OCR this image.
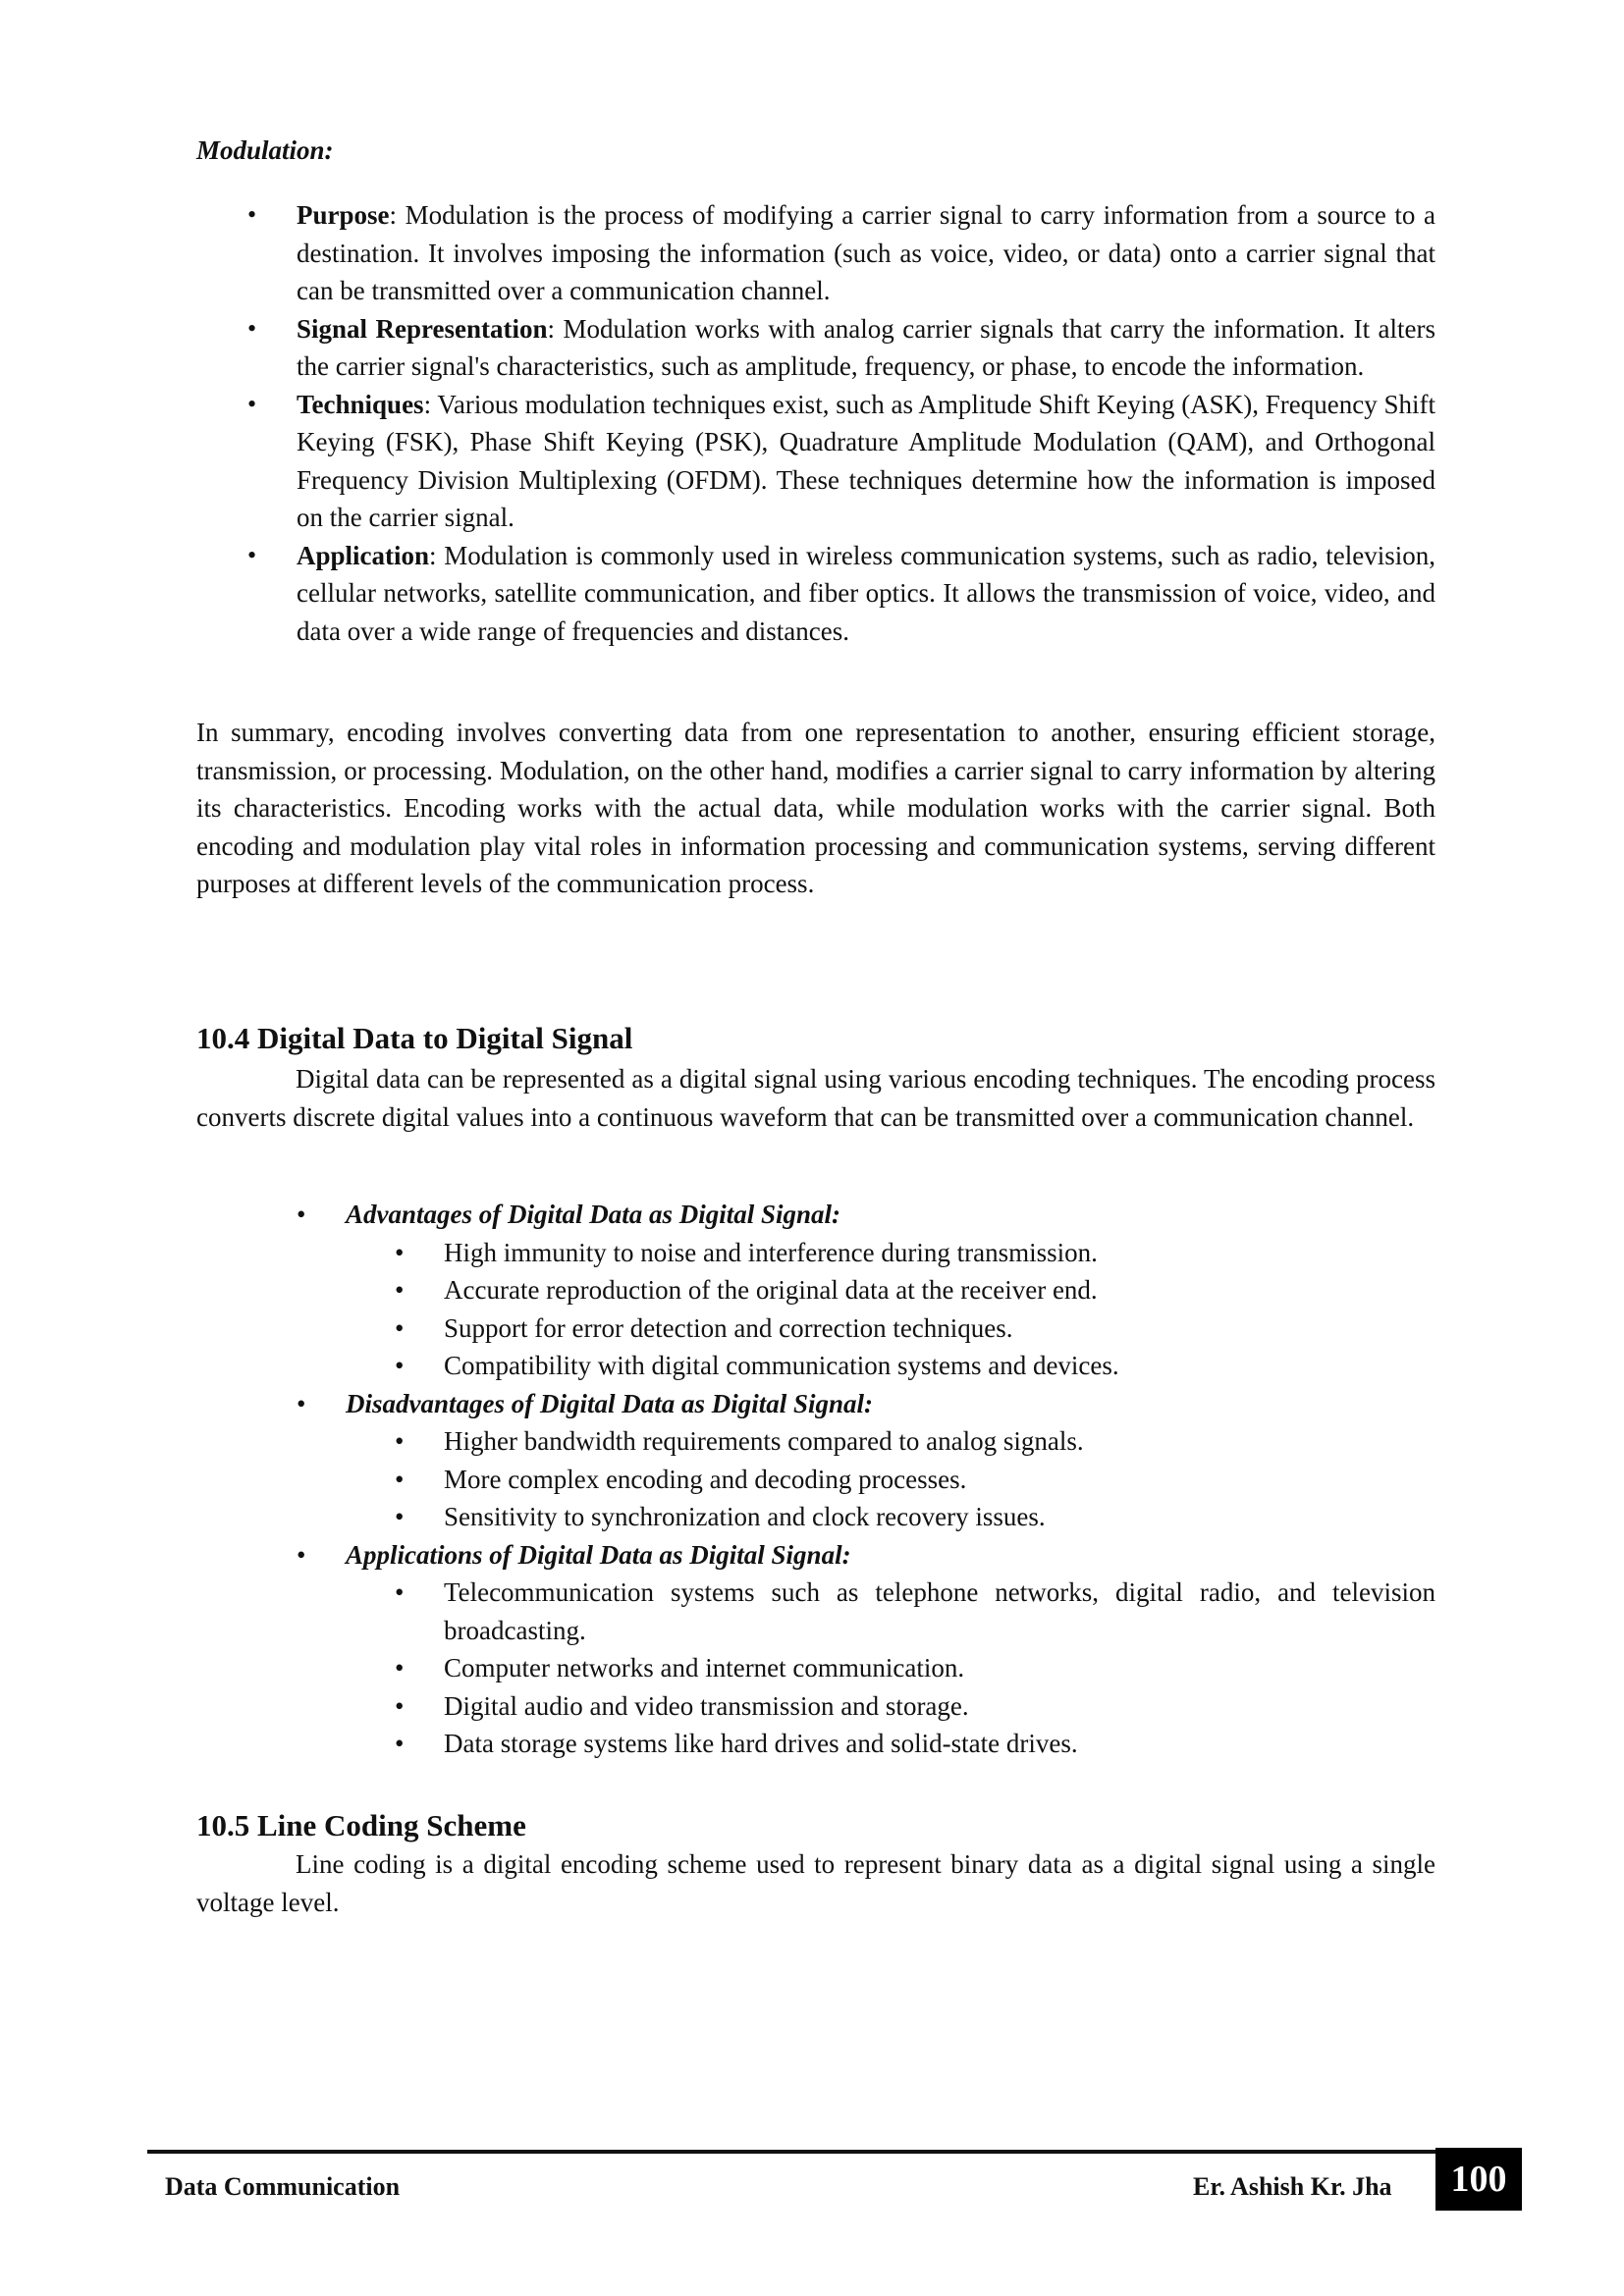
Modulation:
• Purpose: Modulation is the process of modifying a carrier signal to carry information from a source to a destination. It involves imposing the information (such as voice, video, or data) onto a carrier signal that can be transmitted over a communication channel.
• Signal Representation: Modulation works with analog carrier signals that carry the information. It alters the carrier signal's characteristics, such as amplitude, frequency, or phase, to encode the information.
• Techniques: Various modulation techniques exist, such as Amplitude Shift Keying (ASK), Frequency Shift Keying (FSK), Phase Shift Keying (PSK), Quadrature Amplitude Modulation (QAM), and Orthogonal Frequency Division Multiplexing (OFDM). These techniques determine how the information is imposed on the carrier signal.
• Application: Modulation is commonly used in wireless communication systems, such as radio, television, cellular networks, satellite communication, and fiber optics. It allows the transmission of voice, video, and data over a wide range of frequencies and distances.

In summary, encoding involves converting data from one representation to another, ensuring efficient storage, transmission, or processing. Modulation, on the other hand, modifies a carrier signal to carry information by altering its characteristics. Encoding works with the actual data, while modulation works with the carrier signal. Both encoding and modulation play vital roles in information processing and communication systems, serving different purposes at different levels of the communication process.

10.4 Digital Data to Digital Signal

Digital data can be represented as a digital signal using various encoding techniques. The encoding process converts discrete digital values into a continuous waveform that can be transmitted over a communication channel.

• Advantages of Digital Data as Digital Signal:
• High immunity to noise and interference during transmission.
• Accurate reproduction of the original data at the receiver end.
• Support for error detection and correction techniques.
• Compatibility with digital communication systems and devices.
• Disadvantages of Digital Data as Digital Signal:
• Higher bandwidth requirements compared to analog signals.
• More complex encoding and decoding processes.
• Sensitivity to synchronization and clock recovery issues.
• Applications of Digital Data as Digital Signal:
• Telecommunication systems such as telephone networks, digital radio, and television broadcasting.
• Computer networks and internet communication.
• Digital audio and video transmission and storage.
• Data storage systems like hard drives and solid-state drives.
10.5 Line Coding Scheme

Line coding is a digital encoding scheme used to represent binary data as a digital signal using a single voltage level.

Data Communication	Er. Ashish Kr. Jha	100
